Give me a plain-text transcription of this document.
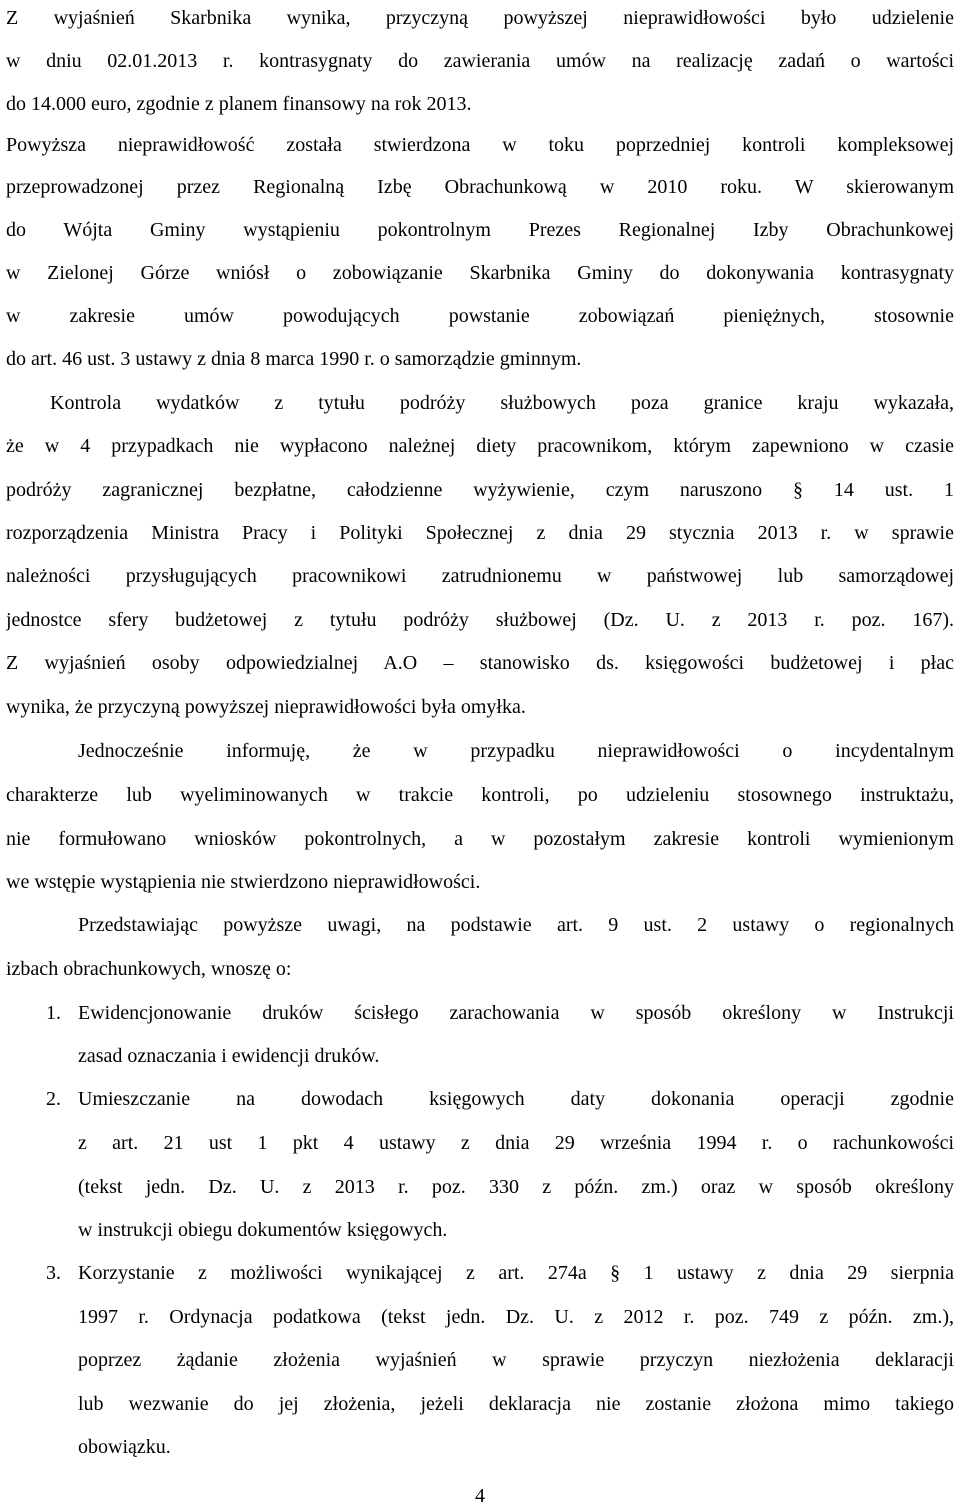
Z wyjaśnień Skarbnika wynika, przyczyną powyższej nieprawidłowości było udzielenie
w dniu 02.01.2013 r. kontrasygnaty do zawierania umów na realizację zadań o wartości
do 14.000 euro, zgodnie z planem finansowy na rok 2013.
Powyższa nieprawidłowość została stwierdzona w toku poprzedniej kontroli kompleksowej
przeprowadzonej przez Regionalną Izbę Obrachunkową w 2010 roku. W skierowanym
do Wójta Gminy wystąpieniu pokontrolnym Prezes Regionalnej Izby Obrachunkowej
w Zielonej Górze wniósł o zobowiązanie Skarbnika Gminy do dokonywania kontrasygnaty
w zakresie umów powodujących powstanie zobowiązań pieniężnych, stosownie
do art. 46 ust. 3 ustawy z dnia 8 marca 1990 r. o samorządzie gminnym.
Kontrola wydatków z tytułu podróży służbowych poza granice kraju wykazała,
że w 4 przypadkach nie wypłacono należnej diety pracownikom, którym zapewniono w czasie
podróży zagranicznej bezpłatne, całodzienne wyżywienie, czym naruszono § 14 ust. 1
rozporządzenia Ministra Pracy i Polityki Społecznej z dnia 29 stycznia 2013 r. w sprawie
należności przysługujących pracownikowi zatrudnionemu w państwowej lub samorządowej
jednostce sfery budżetowej z tytułu podróży służbowej (Dz. U. z 2013 r. poz. 167).
Z wyjaśnień osoby odpowiedzialnej A.O – stanowisko ds. księgowości budżetowej i płac
wynika, że przyczyną powyższej nieprawidłowości była omyłka.
Jednocześnie informuję, że w przypadku nieprawidłowości o incydentalnym
charakterze lub wyeliminowanych w trakcie kontroli, po udzieleniu stosownego instruktażu,
nie formułowano wniosków pokontrolnych, a w pozostałym zakresie kontroli wymienionym
we wstępie wystąpienia nie stwierdzono nieprawidłowości.
Przedstawiając powyższe uwagi, na podstawie art. 9 ust. 2 ustawy o regionalnych
izbach obrachunkowych, wnoszę o:
1. Ewidencjonowanie druków ścisłego zarachowania w sposób określony w Instrukcji
zasad oznaczania i ewidencji druków.
2. Umieszczanie na dowodach księgowych daty dokonania operacji zgodnie
z art. 21 ust 1 pkt 4 ustawy z dnia 29 września 1994 r. o rachunkowości
(tekst jedn. Dz. U. z 2013 r. poz. 330 z późn. zm.) oraz w sposób określony
w instrukcji obiegu dokumentów księgowych.
3. Korzystanie z możliwości wynikającej z art. 274a § 1 ustawy z dnia 29 sierpnia
1997 r. Ordynacja podatkowa (tekst jedn. Dz. U. z 2012 r. poz. 749 z późn. zm.),
poprzez żądanie złożenia wyjaśnień w sprawie przyczyn niezłożenia deklaracji
lub wezwanie do jej złożenia, jeżeli deklaracja nie zostanie złożona mimo takiego
obowiązku.
4
